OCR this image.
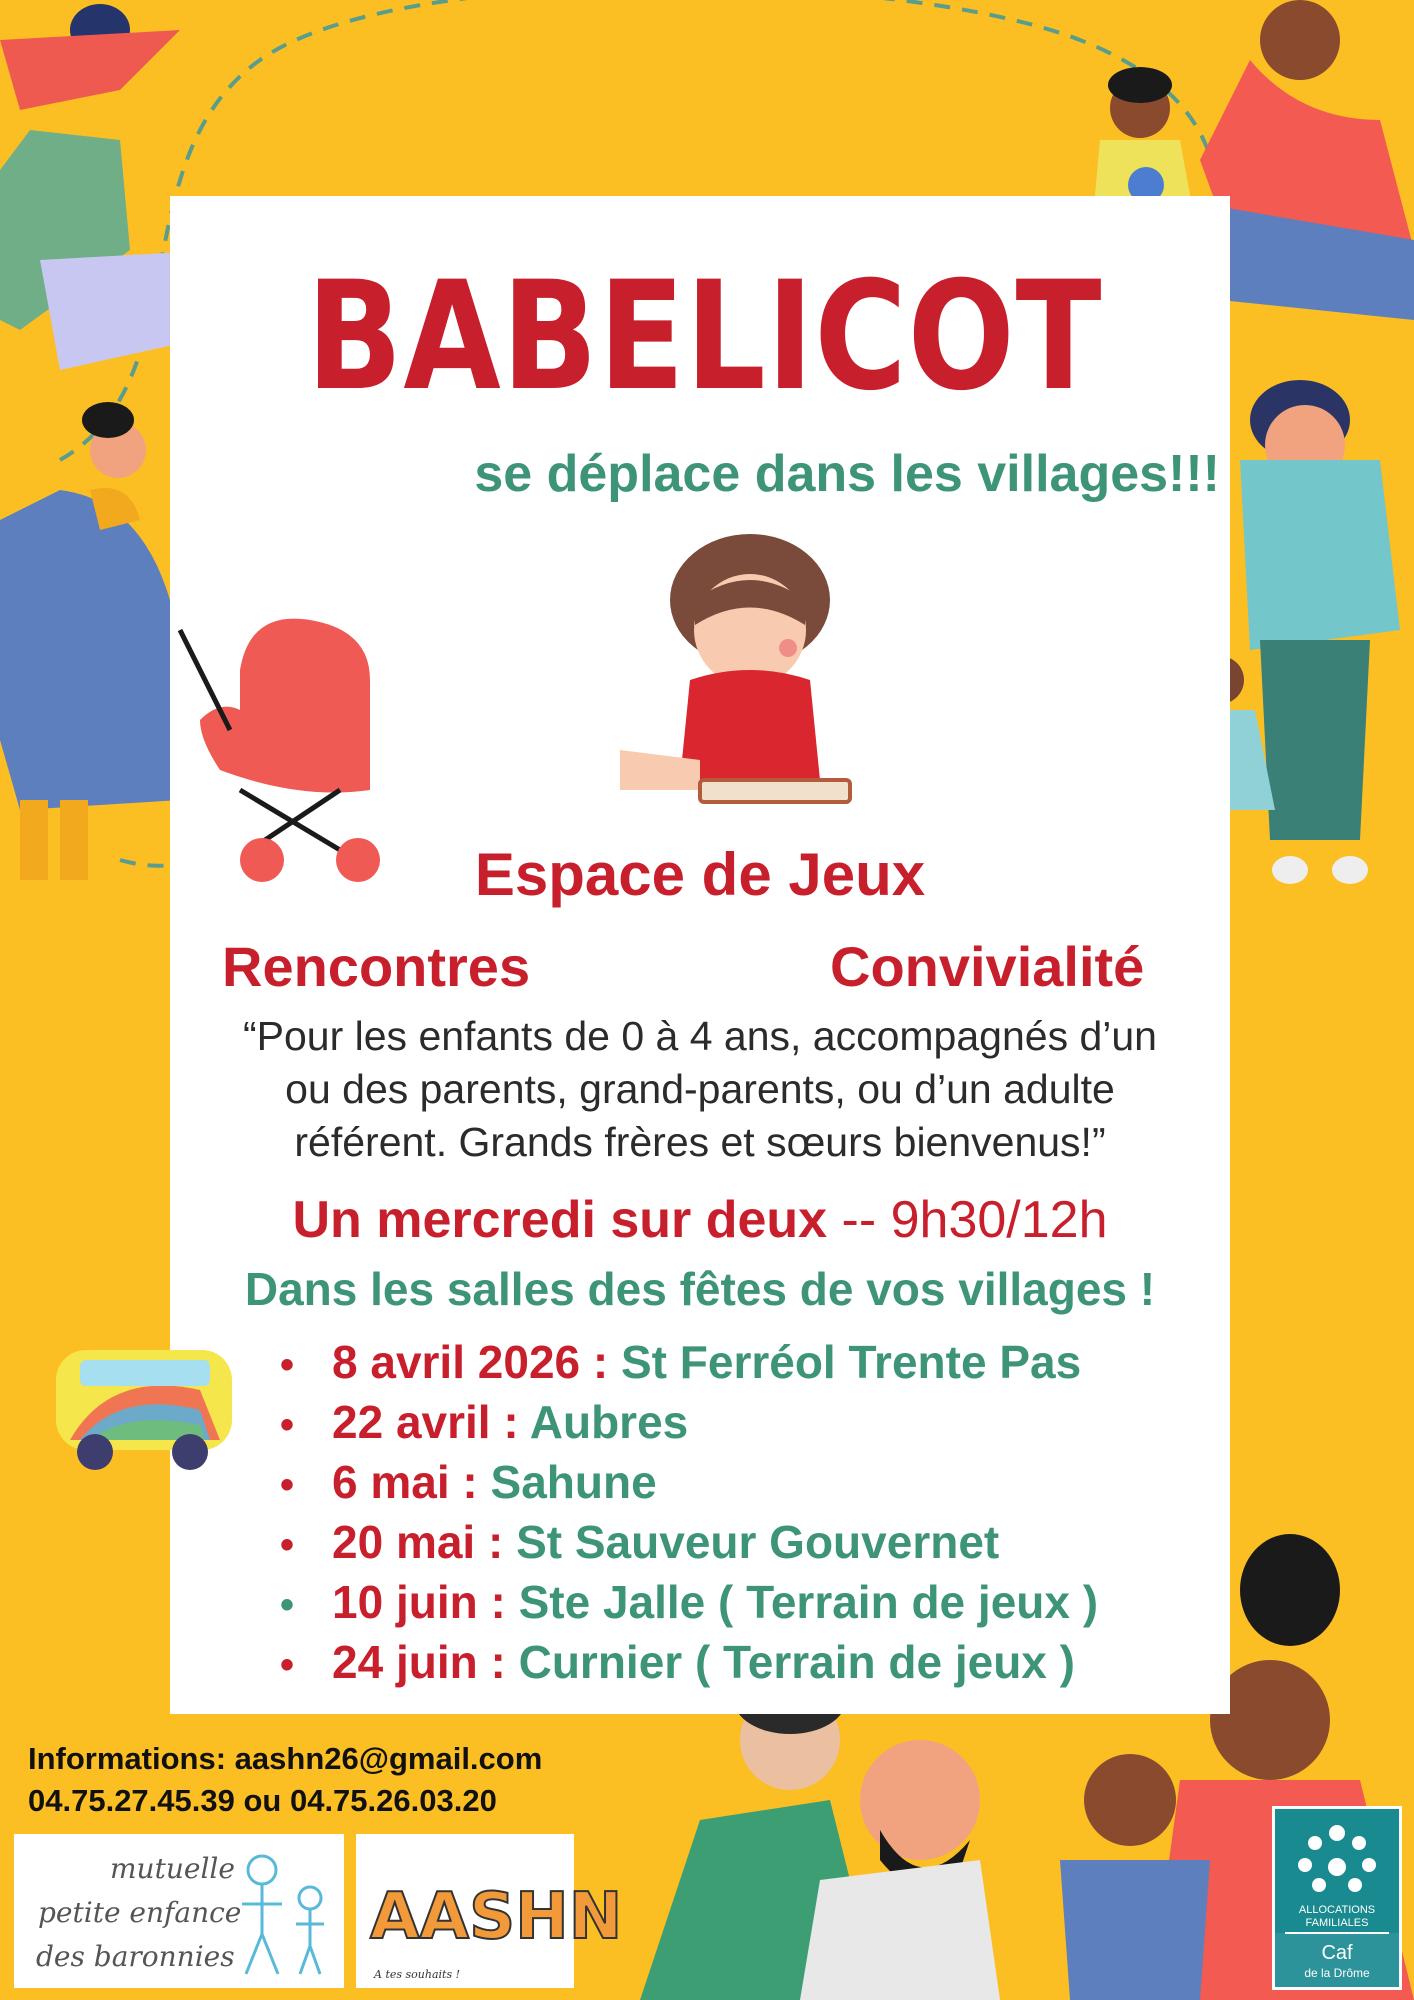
BABELICOT
se déplace dans les villages!!!
Espace de Jeux
Rencontres	Convivialité
“Pour les enfants de 0 à 4 ans, accompagnés d’un
ou des parents, grand-parents, ou d’un adulte
référent. Grands frères et sœurs bienvenus!”
Un mercredi sur deux -- 9h30/12h
Dans les salles des fêtes de vos villages !
• 8 avril 2026 : St Ferréol Trente Pas
• 22 avril : Aubres
• 6 mai : Sahune
• 20 mai : St Sauveur Gouvernet
• 10 juin : Ste Jalle ( Terrain de jeux )
• 24 juin : Curnier ( Terrain de jeux )
Informations: aashn26@gmail.com
04.75.27.45.39 ou 04.75.26.03.20
mutuelle
petite enfance
des baronnies
AASHN
A tes souhaits !
ALLOCATIONS
FAMILIALES
Caf
de la Drôme
